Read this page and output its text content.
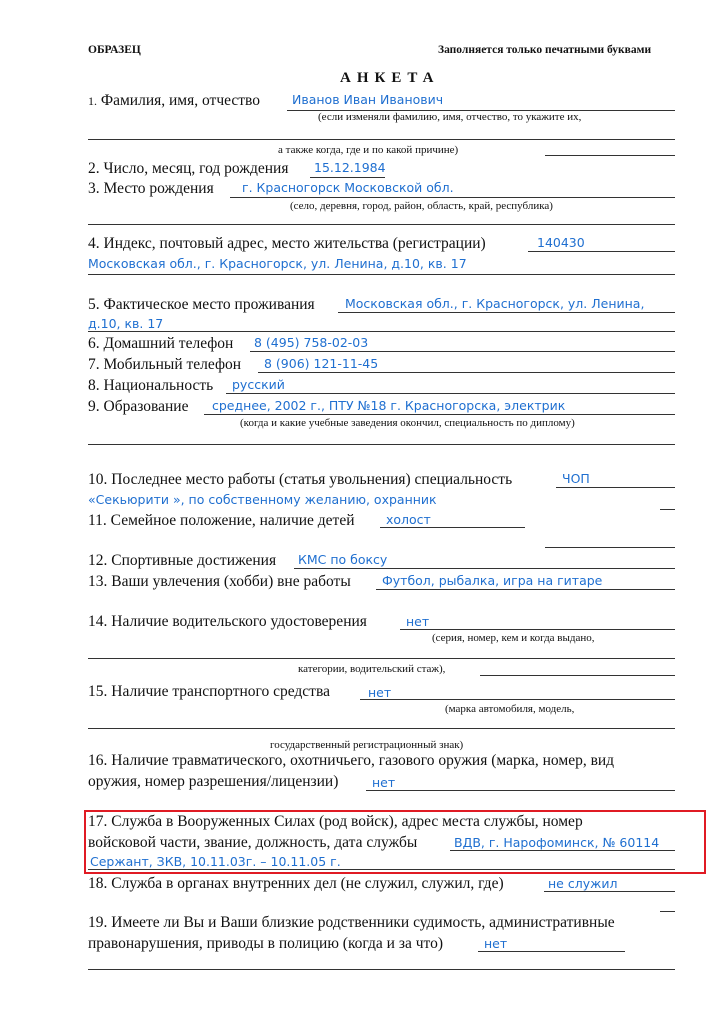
ОБРАЗЕЦ	Заполняется только печатными буквами
АНКЕТА
1. Фамилия, имя, отчество	Иванов Иван Иванович
(если изменяли фамилию, имя, отчество, то укажите их,
а также когда, где и по какой причине)
2. Число, месяц, год рождения 15.12.1984
3. Место рождения г. Красногорск Московской обл.
(село, деревня, город, район, область, край, республика)
4. Индекс, почтовый адрес, место жительства (регистрации)	140430
Московская обл., г. Красногорск, ул. Ленина, д.10, кв. 17
5. Фактическое место проживания Московская обл., г. Красногорск, ул. Ленина,
д.10, кв. 17
6. Домашний телефон 8 (495) 758-02-03
7. Мобильный телефон 8 (906) 121-11-45
8. Национальность русский
9. Образование среднее, 2002 г., ПТУ №18 г. Красногорска, электрик
(когда и какие учебные заведения окончил, специальность по диплому)
10. Последнее место работы (статья увольнения) специальность	ЧОП
«Секьюрити », по собственному желанию, охранник
11. Семейное положение, наличие детей	холост
12. Спортивные достижения КМС по боксу
13. Ваши увлечения (хобби) вне работы	Футбол, рыбалка, игра на гитаре
14. Наличие водительского удостоверения	нет
(серия, номер, кем и когда выдано,
категории, водительский стаж),
15. Наличие транспортного средства	нет
(марка автомобиля, модель,
государственный регистрационный знак)
16. Наличие травматического, охотничьего, газового оружия (марка, номер, вид
оружия, номер разрешения/лицензии)	нет
17. Служба в Вооруженных Силах (род войск), адрес места службы, номер
войсковой части, звание, должность, дата службы	ВДВ, г. Нарофоминск, № 60114
Сержант, ЗКВ, 10.11.03г. – 10.11.05 г.
18. Служба в органах внутренних дел (не служил, служил, где)	не служил
19. Имеете ли Вы и Ваши близкие родственники судимость, административные
правонарушения, приводы в полицию (когда и за что)	нет
